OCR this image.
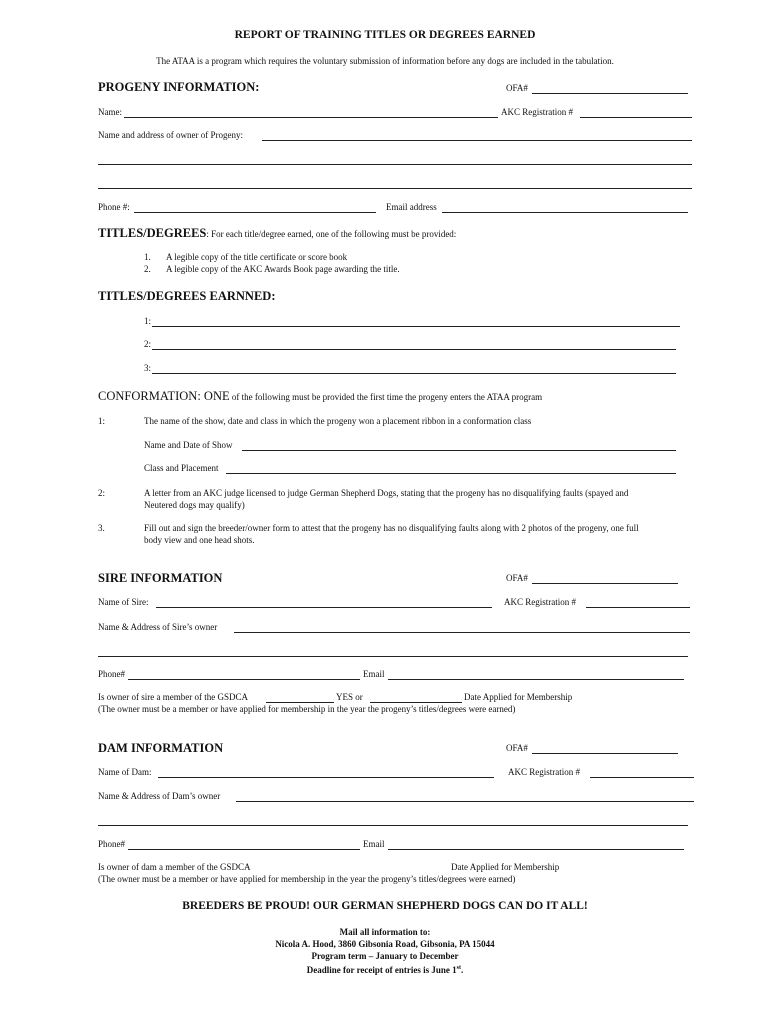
REPORT OF TRAINING TITLES OR DEGREES EARNED
The ATAA is a program which requires the voluntary submission of information before any dogs are included in the tabulation.
PROGENY INFORMATION:	OFA#
Name:	AKC Registration #
Name and address of owner of Progeny:
Phone #:	Email address
TITLES/DEGREES: For each title/degree earned, one of the following must be provided:
1. A legible copy of the title certificate or score book
2. A legible copy of the AKC Awards Book page awarding the title.
TITLES/DEGREES EARNNED:
1:
2:
3:
CONFORMATION: ONE of the following must be provided the first time the progeny enters the ATAA program
1:	The name of the show, date and class in which the progeny won a placement ribbon in a conformation class
Name and Date of Show
Class and Placement
2:	A letter from an AKC judge licensed to judge German Shepherd Dogs, stating that the progeny has no disqualifying faults (spayed and
Neutered dogs may qualify)
3.	Fill out and sign the breeder/owner form to attest that the progeny has no disqualifying faults along with 2 photos of the progeny, one full
body view and one head shots.
SIRE INFORMATION	OFA#
Name of Sire:	AKC Registration #
Name & Address of Sire’s owner
Phone#	Email
Is owner of sire a member of the GSDCA	YES or	Date Applied for Membership
(The owner must be a member or have applied for membership in the year the progeny’s titles/degrees were earned)
DAM INFORMATION	OFA#
Name of Dam:	AKC Registration #
Name & Address of Dam’s owner
Phone#	Email
Is owner of dam a member of the GSDCA	Date Applied for Membership
(The owner must be a member or have applied for membership in the year the progeny’s titles/degrees were earned)
BREEDERS BE PROUD! OUR GERMAN SHEPHERD DOGS CAN DO IT ALL!
Mail all information to:
Nicola A. Hood, 3860 Gibsonia Road, Gibsonia, PA 15044
Program term – January to December
Deadline for receipt of entries is June 1st.
